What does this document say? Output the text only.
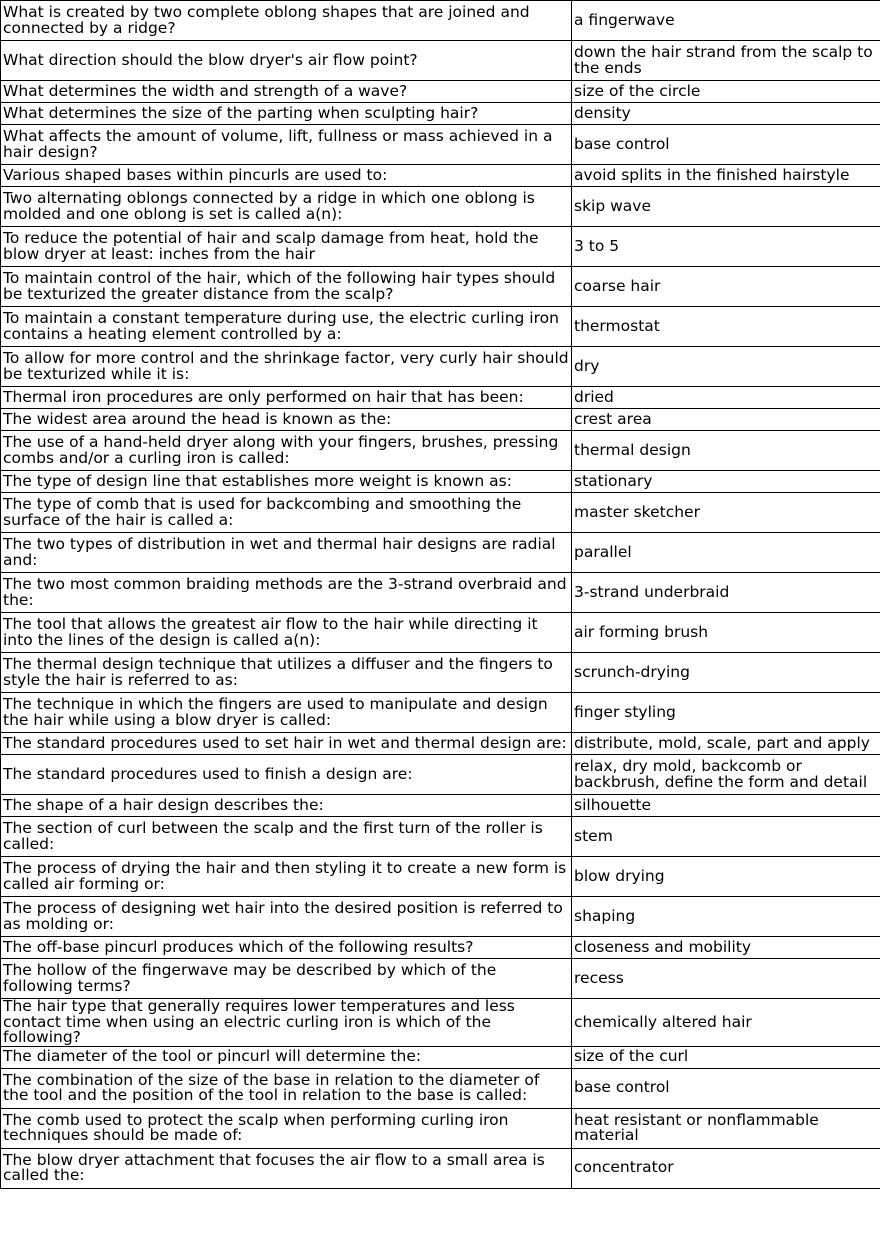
What is created by two complete oblong shapes that are joined and connected by a ridge?	a fingerwave
What direction should the blow dryer's air flow point?	down the hair strand from the scalp to the ends
What determines the width and strength of a wave?	size of the circle
What determines the size of the parting when sculpting hair?	density
What affects the amount of volume, lift, fullness or mass achieved in a hair design?	base control
Various shaped bases within pincurls are used to:	avoid splits in the finished hairstyle
Two alternating oblongs connected by a ridge in which one oblong is molded and one oblong is set is called a(n):	skip wave
To reduce the potential of hair and scalp damage from heat, hold the blow dryer at least: inches from the hair	3 to 5
To maintain control of the hair, which of the following hair types should be texturized the greater distance from the scalp?	coarse hair
To maintain a constant temperature during use, the electric curling iron contains a heating element controlled by a:	thermostat
To allow for more control and the shrinkage factor, very curly hair should be texturized while it is:	dry
Thermal iron procedures are only performed on hair that has been:	dried
The widest area around the head is known as the:	crest area
The use of a hand-held dryer along with your fingers, brushes, pressing combs and/or a curling iron is called:	thermal design
The type of design line that establishes more weight is known as:	stationary
The type of comb that is used for backcombing and smoothing the surface of the hair is called a:	master sketcher
The two types of distribution in wet and thermal hair designs are radial and:	parallel
The two most common braiding methods are the 3-strand overbraid and the:	3-strand underbraid
The tool that allows the greatest air flow to the hair while directing it into the lines of the design is called a(n):	air forming brush
The thermal design technique that utilizes a diffuser and the fingers to style the hair is referred to as:	scrunch-drying
The technique in which the fingers are used to manipulate and design the hair while using a blow dryer is called:	finger styling
The standard procedures used to set hair in wet and thermal design are:	distribute, mold, scale, part and apply
The standard procedures used to finish a design are:	relax, dry mold, backcomb or backbrush, define the form and detail
The shape of a hair design describes the:	silhouette
The section of curl between the scalp and the first turn of the roller is called:	stem
The process of drying the hair and then styling it to create a new form is called air forming or:	blow drying
The process of designing wet hair into the desired position is referred to as molding or:	shaping
The off-base pincurl produces which of the following results?	closeness and mobility
The hollow of the fingerwave may be described by which of the following terms?	recess
The hair type that generally requires lower temperatures and less contact time when using an electric curling iron is which of the following?	chemically altered hair
The diameter of the tool or pincurl will determine the:	size of the curl
The combination of the size of the base in relation to the diameter of the tool and the position of the tool in relation to the base is called:	base control
The comb used to protect the scalp when performing curling iron techniques should be made of:	heat resistant or nonflammable material
The blow dryer attachment that focuses the air flow to a small area is called the:	concentrator
